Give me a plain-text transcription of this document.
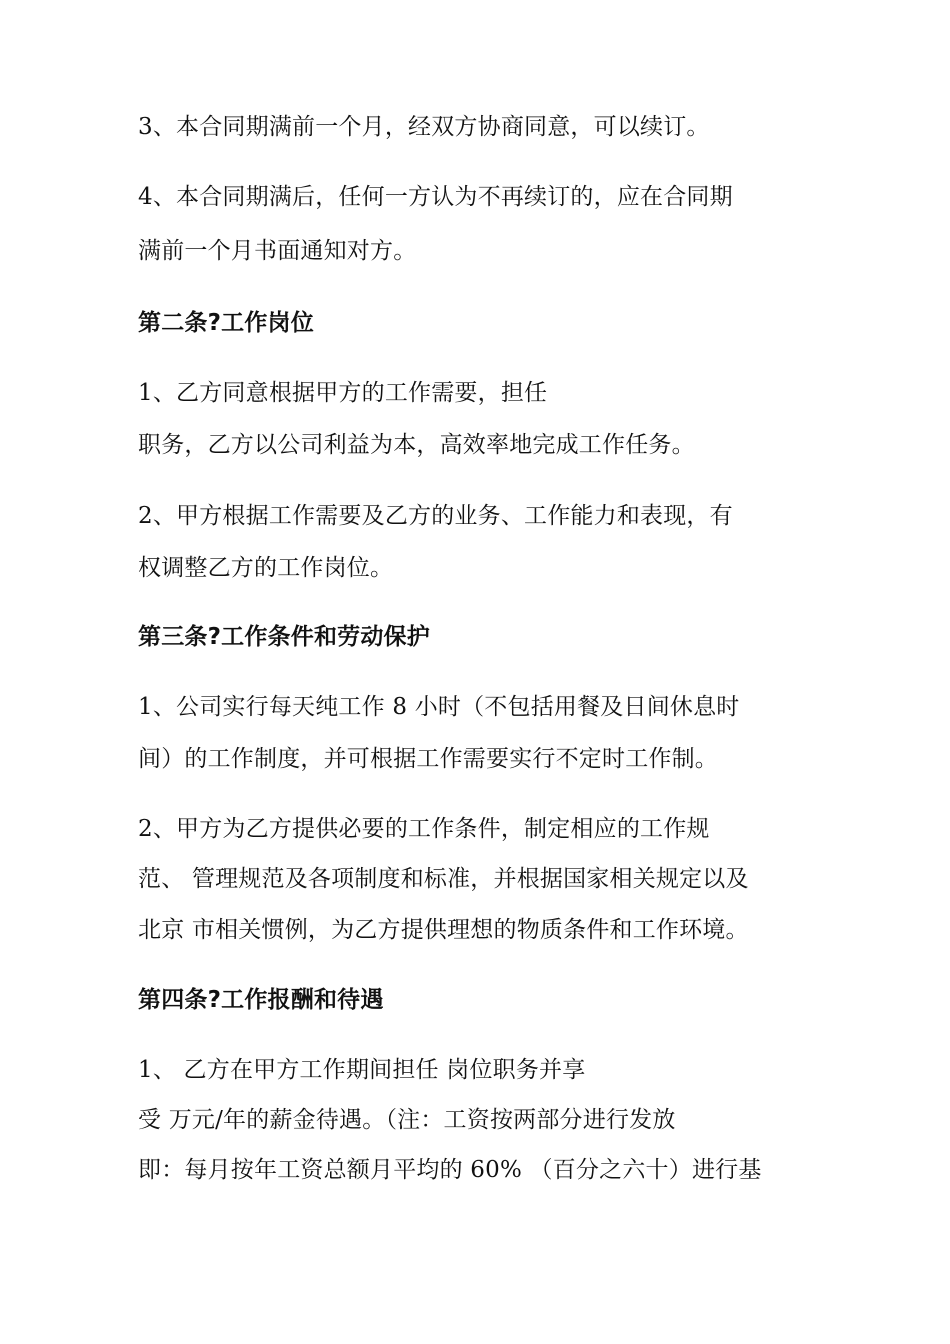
3、本合同期满前一个月，经双方协商同意，可以续订。
4、本合同期满后，任何一方认为不再续订的，应在合同期
满前一个月书面通知对方。
第二条?工作岗位
1、乙方同意根据甲方的工作需要，担任
职务，乙方以公司利益为本，高效率地完成工作任务。
2、甲方根据工作需要及乙方的业务、工作能力和表现，有
权调整乙方的工作岗位。
第三条?工作条件和劳动保护
1、公司实行每天纯工作 8 小时（不包括用餐及日间休息时
间）的工作制度，并可根据工作需要实行不定时工作制。
2、甲方为乙方提供必要的工作条件，制定相应的工作规
范、 管理规范及各项制度和标准，并根据国家相关规定以及
北京 市相关惯例，为乙方提供理想的物质条件和工作环境。
第四条?工作报酬和待遇
1、 乙方在甲方工作期间担任 岗位职务并享
受 万元/年的薪金待遇。（注：工资按两部分进行发放
即：每月按年工资总额月平均的 60% （百分之六十）进行基
